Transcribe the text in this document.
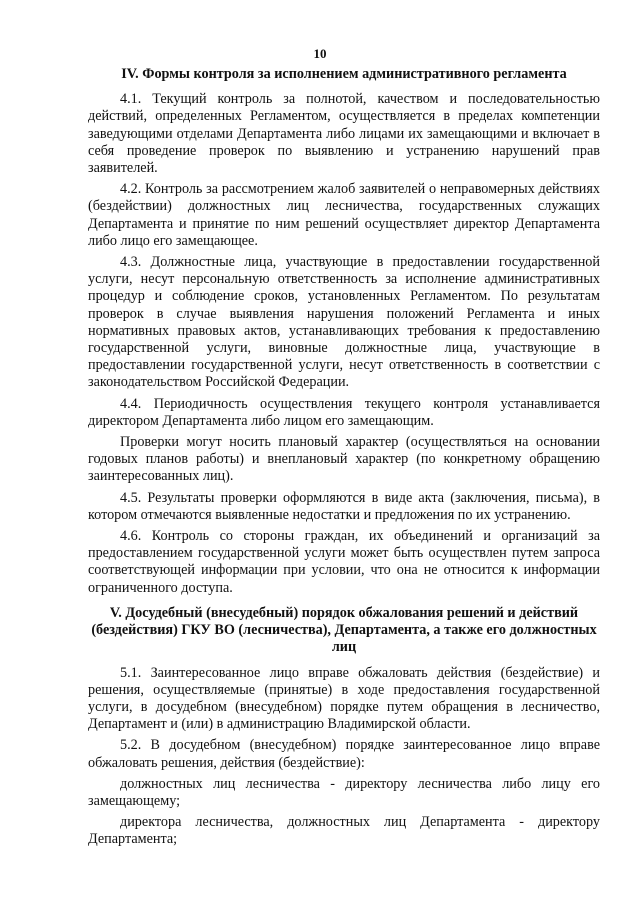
10
IV. Формы контроля за исполнением административного регламента

4.1. Текущий контроль за полнотой, качеством и последовательностью действий, определенных Регламентом, осуществляется в пределах компетенции заведующими отделами Департамента либо лицами их замещающими и включает в себя проведение проверок по выявлению и устранению нарушений прав заявителей.

4.2. Контроль за рассмотрением жалоб заявителей о неправомерных действиях (бездействии) должностных лиц лесничества, государственных служащих Департамента и принятие по ним решений осуществляет директор Департамента либо лицо его замещающее.

4.3. Должностные лица, участвующие в предоставлении государственной услуги, несут персональную ответственность за исполнение административных процедур и соблюдение сроков, установленных Регламентом. По результатам проверок в случае выявления нарушения положений Регламента и иных нормативных правовых актов, устанавливающих требования к предоставлению государственной услуги, виновные должностные лица, участвующие в предоставлении государственной услуги, несут ответственность в соответствии с законодательством Российской Федерации.

4.4. Периодичность осуществления текущего контроля устанавливается директором Департамента либо лицом его замещающим.

Проверки могут носить плановый характер (осуществляться на основании годовых планов работы) и внеплановый характер (по конкретному обращению заинтересованных лиц).

4.5. Результаты проверки оформляются в виде акта (заключения, письма), в котором отмечаются выявленные недостатки и предложения по их устранению.

4.6. Контроль со стороны граждан, их объединений и организаций за предоставлением государственной услуги может быть осуществлен путем запроса соответствующей информации при условии, что она не относится к информации ограниченного доступа.

V. Досудебный (внесудебный) порядок обжалования решений и действий (бездействия) ГКУ ВО (лесничества), Департамента, а также его должностных лиц

5.1. Заинтересованное лицо вправе обжаловать действия (бездействие) и решения, осуществляемые (принятые) в ходе предоставления государственной услуги, в досудебном (внесудебном) порядке путем обращения в лесничество, Департамент и (или) в администрацию Владимирской области.

5.2. В досудебном (внесудебном) порядке заинтересованное лицо вправе обжаловать решения, действия (бездействие):

должностных лиц лесничества - директору лесничества либо лицу его замещающему;

директора лесничества, должностных лиц Департамента - директору Департамента;
